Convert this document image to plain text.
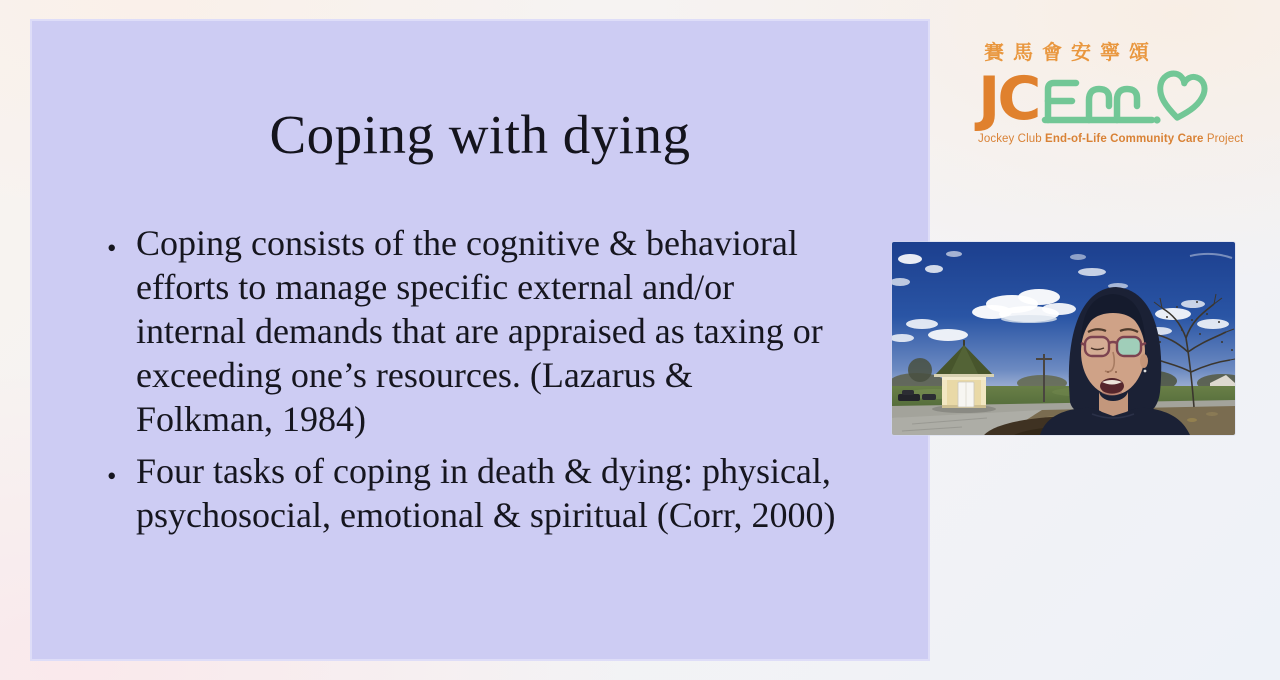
Coping with dying
• Coping consists of the cognitive & behavioral efforts to manage specific external and/or internal demands that are appraised as taxing or exceeding one’s resources. (Lazarus & Folkman, 1984)
• Four tasks of coping in death & dying: physical, psychosocial, emotional & spiritual (Corr, 2000)
賽馬會安寧頌
JC
Jockey Club End-of-Life Community Care Project
